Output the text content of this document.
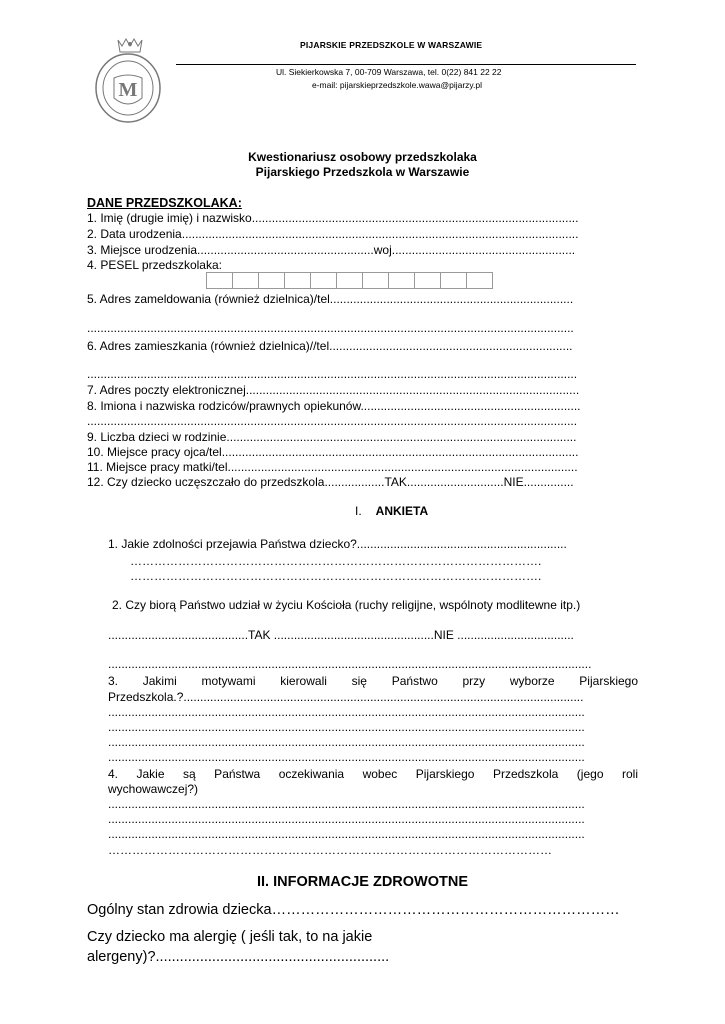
M
PIJARSKIE PRZEDSZKOLE W WARSZAWIE
Ul. Siekierkowska 7, 00-709 Warszawa, tel. 0(22) 841 22 22
e-mail: pijarskieprzedszkole.wawa@pijarzy.pl
Kwestionariusz osobowy przedszkolaka
Pijarskiego Przedszkola w Warszawie
DANE PRZEDSZKOLAKA:
1. Imię (drugie imię) i nazwisko..................................................................................................
2. Data urodzenia.......................................................................................................................
3. Miejsce urodzenia.....................................................woj.......................................................
4. PESEL przedszkolaka:
5. Adres zameldowania (również dzielnica)/tel.........................................................................
..................................................................................................................................................
6. Adres zamieszkania (również dzielnica)//tel.........................................................................
...................................................................................................................................................
7. Adres poczty elektronicznej....................................................................................................
8. Imiona i nazwiska rodziców/prawnych opiekunów..................................................................
...................................................................................................................................................
9. Liczba dzieci w rodzinie.........................................................................................................
10. Miejsce pracy ojca/tel...........................................................................................................
11. Miejsce pracy matki/tel.........................................................................................................
12. Czy dziecko uczęszczało do przedszkola..................TAK.............................NIE...............
I. ANKIETA
1. Jakie zdolności przejawia Państwa dziecko?...............................................................
………………………………………………………………………………………….
………………………………………………………………………………………….
2. Czy biorą Państwo udział w życiu Kościoła (ruchy religijne, wspólnoty modlitewne itp.)
..........................................TAK ................................................NIE ...................................
.................................................................................................................................................
3. Jakimi motywami kierowali się Państwo przy wyborze Pijarskiego
Przedszkola.?........................................................................................................................
...............................................................................................................................................
...............................................................................................................................................
...............................................................................................................................................
...............................................................................................................................................
4. Jakie są Państwa oczekiwania wobec Pijarskiego Przedszkola (jego roli
wychowawczej?)
...............................................................................................................................................
...............................................................................................................................................
...............................................................................................................................................
…………………………………………………………………………………………………
II. INFORMACJE ZDROWOTNE
Ogólny stan zdrowia dziecka………………………………………………………………
Czy dziecko ma alergię ( jeśli tak, to na jakie
alergeny)?..........................................................
